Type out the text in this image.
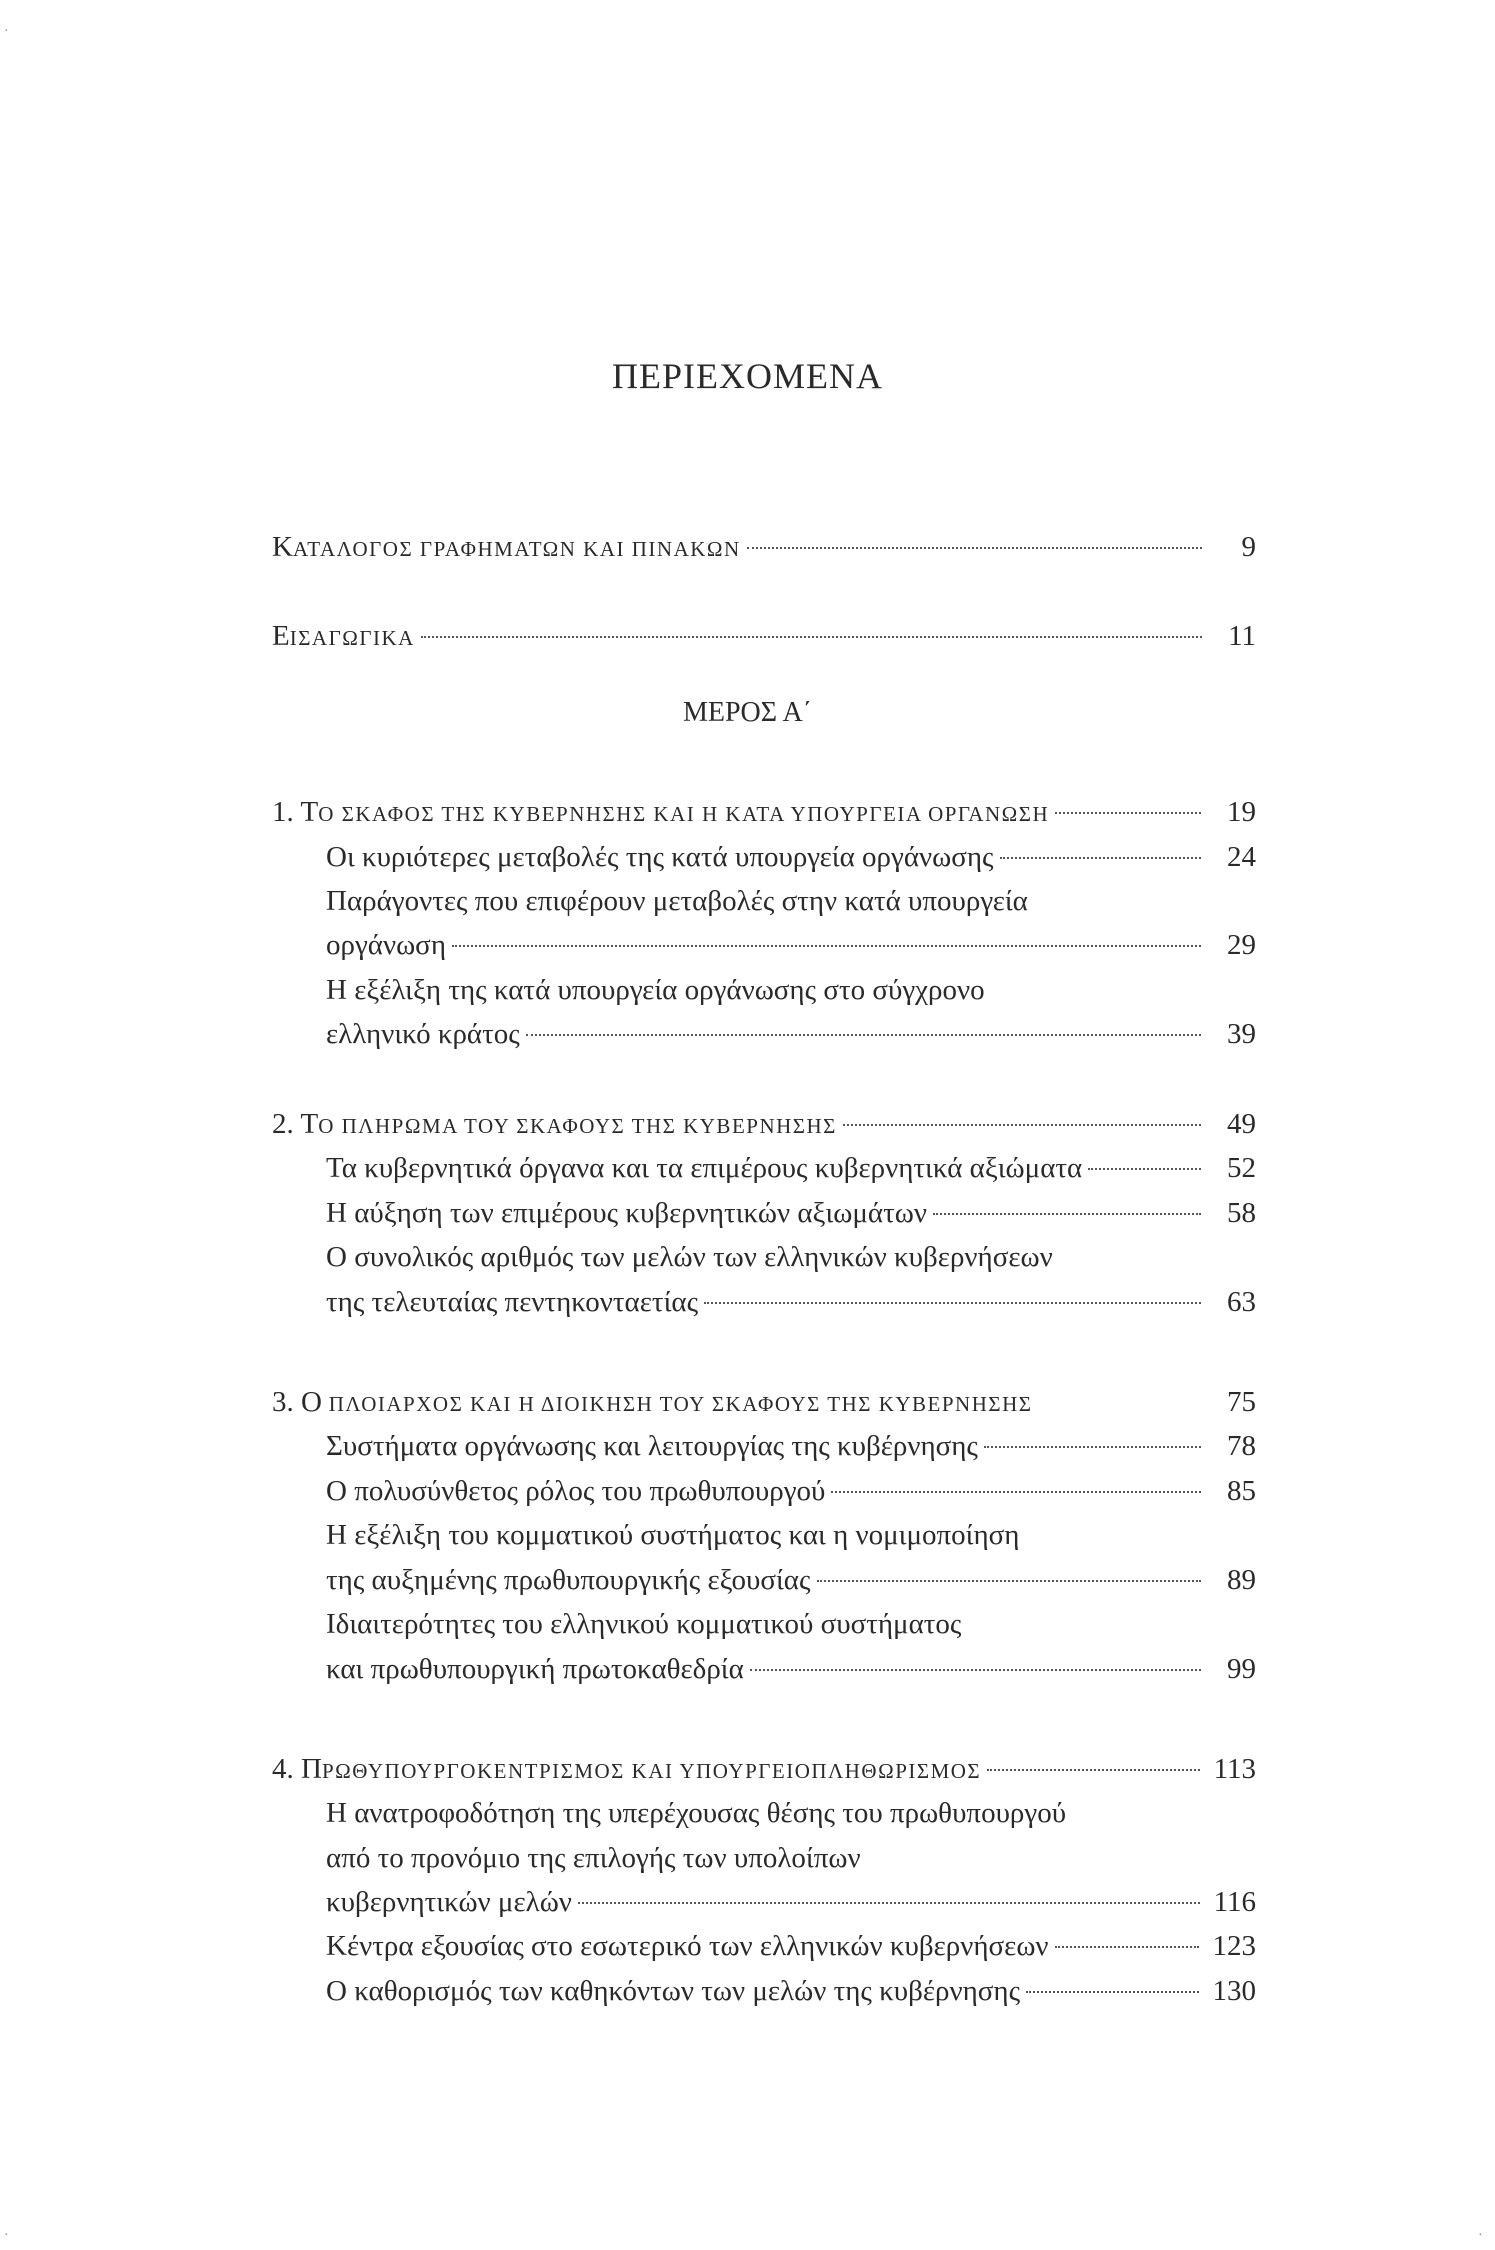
·
·	·
ΠΕΡΙΕΧΟΜΕΝΑ
ΚΑΤΑΛΟΓΟΣ ΓΡΑΦΗΜΑΤΩΝ ΚΑΙ ΠΙΝΑΚΩΝ	9
ΕΙΣΑΓΩΓΙΚΑ	11
ΜΕΡΟΣ Α΄
1. ΤΟ ΣΚΑΦΟΣ ΤΗΣ ΚΥΒΕΡΝΗΣΗΣ ΚΑΙ Η ΚΑΤΑ ΥΠΟΥΡΓΕΙΑ ΟΡΓΑΝΩΣΗ	19
Οι κυριότερες μεταβολές της κατά υπουργεία οργάνωσης	24
Παράγοντες που επιφέρουν μεταβολές στην κατά υπουργεία
οργάνωση	29
Η εξέλιξη της κατά υπουργεία οργάνωσης στο σύγχρονο
ελληνικό κράτος	39
2. ΤΟ ΠΛΗΡΩΜΑ ΤΟΥ ΣΚΑΦΟΥΣ ΤΗΣ ΚΥΒΕΡΝΗΣΗΣ	49
Τα κυβερνητικά όργανα και τα επιμέρους κυβερνητικά αξιώματα	52
Η αύξηση των επιμέρους κυβερνητικών αξιωμάτων	58
Ο συνολικός αριθμός των μελών των ελληνικών κυβερνήσεων
της τελευταίας πεντηκονταετίας	63
3. Ο ΠΛΟΙΑΡΧΟΣ ΚΑΙ Η ΔΙΟΙΚΗΣΗ ΤΟΥ ΣΚΑΦΟΥΣ ΤΗΣ ΚΥΒΕΡΝΗΣΗΣ	75
Συστήματα οργάνωσης και λειτουργίας της κυβέρνησης	78
Ο πολυσύνθετος ρόλος του πρωθυπουργού	85
Η εξέλιξη του κομματικού συστήματος και η νομιμοποίηση
της αυξημένης πρωθυπουργικής εξουσίας	89
Ιδιαιτερότητες του ελληνικού κομματικού συστήματος
και πρωθυπουργική πρωτοκαθεδρία	99
4. ΠΡΩΘΥΠΟΥΡΓΟΚΕΝΤΡΙΣΜΟΣ ΚΑΙ ΥΠΟΥΡΓΕΙΟΠΛΗΘΩΡΙΣΜΟΣ	113
Η ανατροφοδότηση της υπερέχουσας θέσης του πρωθυπουργού
από το προνόμιο της επιλογής των υπολοίπων
κυβερνητικών μελών	116
Κέντρα εξουσίας στο εσωτερικό των ελληνικών κυβερνήσεων	123
Ο καθορισμός των καθηκόντων των μελών της κυβέρνησης	130
